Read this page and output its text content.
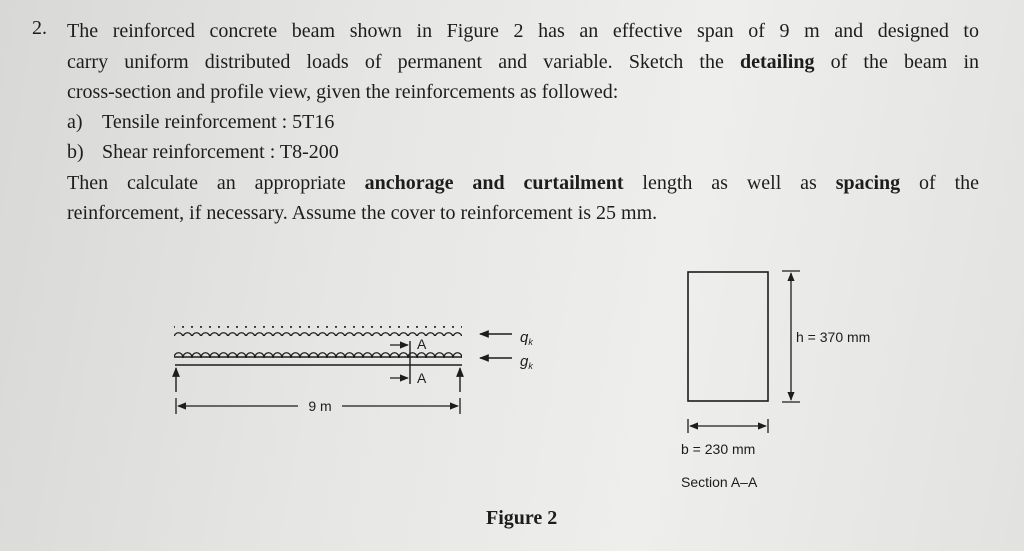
2. The reinforced concrete beam shown in Figure 2 has an effective span of 9 m and designed to
carry uniform distributed loads of permanent and variable. Sketch the detailing of the beam in
cross-section and profile view, given the reinforcements as followed:
a) Tensile reinforcement : 5T16
b) Shear reinforcement : T8-200
Then calculate an appropriate anchorage and curtailment length as well as spacing of the
reinforcement, if necessary. Assume the cover to reinforcement is 25 mm.
$q_k$
$g_k$
A
A
9 m
h = 370 mm
b = 230 mm
Section A–A
Figure 2
